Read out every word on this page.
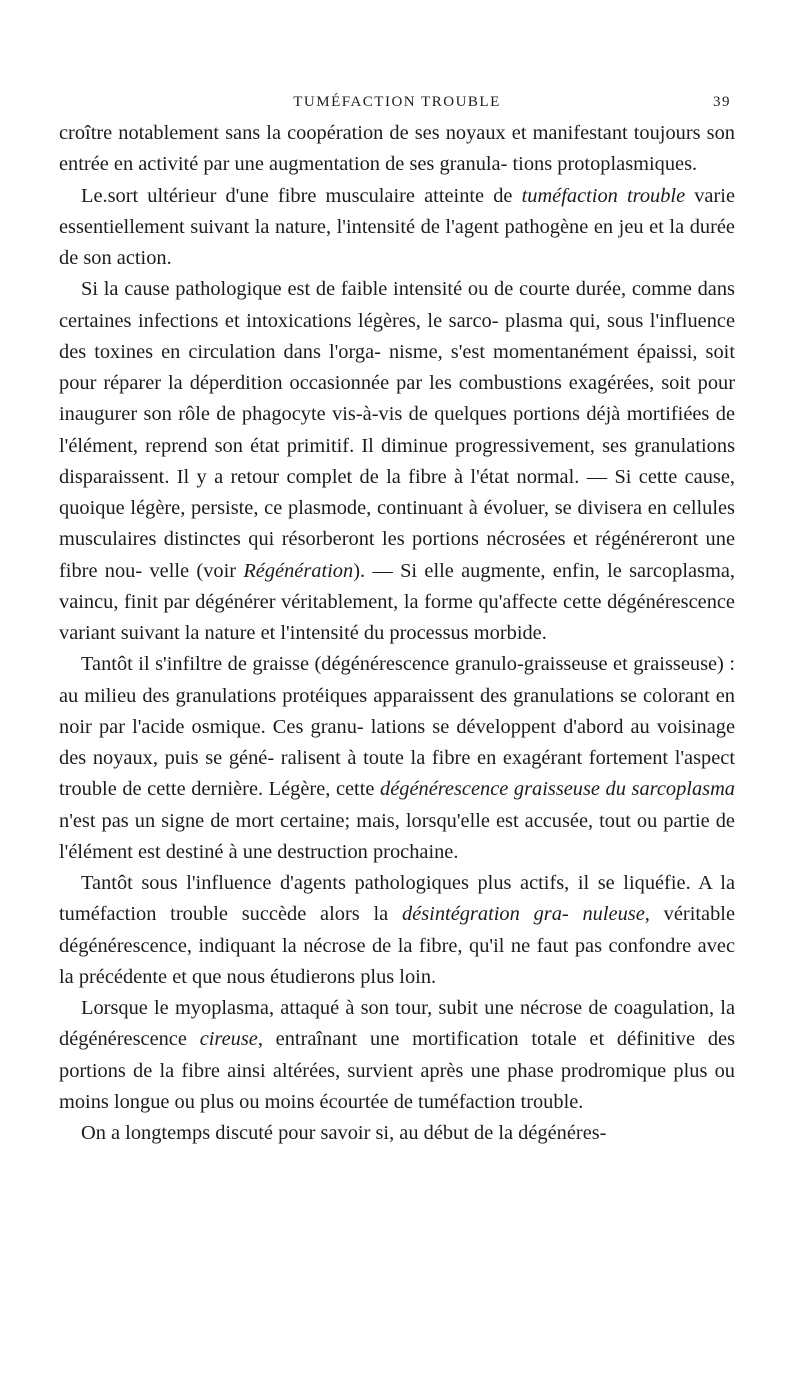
TUMÉFACTION TROUBLE	39

croître notablement sans la coopération de ses noyaux et manifestant toujours son entrée en activité par une augmentation de ses granula- tions protoplasmiques.

Le.sort ultérieur d'une fibre musculaire atteinte de tuméfaction trouble varie essentiellement suivant la nature, l'intensité de l'agent pathogène en jeu et la durée de son action.

Si la cause pathologique est de faible intensité ou de courte durée, comme dans certaines infections et intoxications légères, le sarco- plasma qui, sous l'influence des toxines en circulation dans l'orga- nisme, s'est momentanément épaissi, soit pour réparer la déperdition occasionnée par les combustions exagérées, soit pour inaugurer son rôle de phagocyte vis-à-vis de quelques portions déjà mortifiées de l'élément, reprend son état primitif. Il diminue progressivement, ses granulations disparaissent. Il y a retour complet de la fibre à l'état normal. — Si cette cause, quoique légère, persiste, ce plasmode, continuant à évoluer, se divisera en cellules musculaires distinctes qui résorberont les portions nécrosées et régénéreront une fibre nou- velle (voir Régénération). — Si elle augmente, enfin, le sarcoplasma, vaincu, finit par dégénérer véritablement, la forme qu'affecte cette dégénérescence variant suivant la nature et l'intensité du processus morbide.

Tantôt il s'infiltre de graisse (dégénérescence granulo-graisseuse et graisseuse) : au milieu des granulations protéiques apparaissent des granulations se colorant en noir par l'acide osmique. Ces granu- lations se développent d'abord au voisinage des noyaux, puis se géné- ralisent à toute la fibre en exagérant fortement l'aspect trouble de cette dernière. Légère, cette dégénérescence graisseuse du sarcoplasma n'est pas un signe de mort certaine; mais, lorsqu'elle est accusée, tout ou partie de l'élément est destiné à une destruction prochaine.

Tantôt sous l'influence d'agents pathologiques plus actifs, il se liquéfie. A la tuméfaction trouble succède alors la désintégration gra- nuleuse, véritable dégénérescence, indiquant la nécrose de la fibre, qu'il ne faut pas confondre avec la précédente et que nous étudierons plus loin.

Lorsque le myoplasma, attaqué à son tour, subit une nécrose de coagulation, la dégénérescence cireuse, entraînant une mortification totale et définitive des portions de la fibre ainsi altérées, survient après une phase prodromique plus ou moins longue ou plus ou moins écourtée de tuméfaction trouble.

On a longtemps discuté pour savoir si, au début de la dégénéres-
